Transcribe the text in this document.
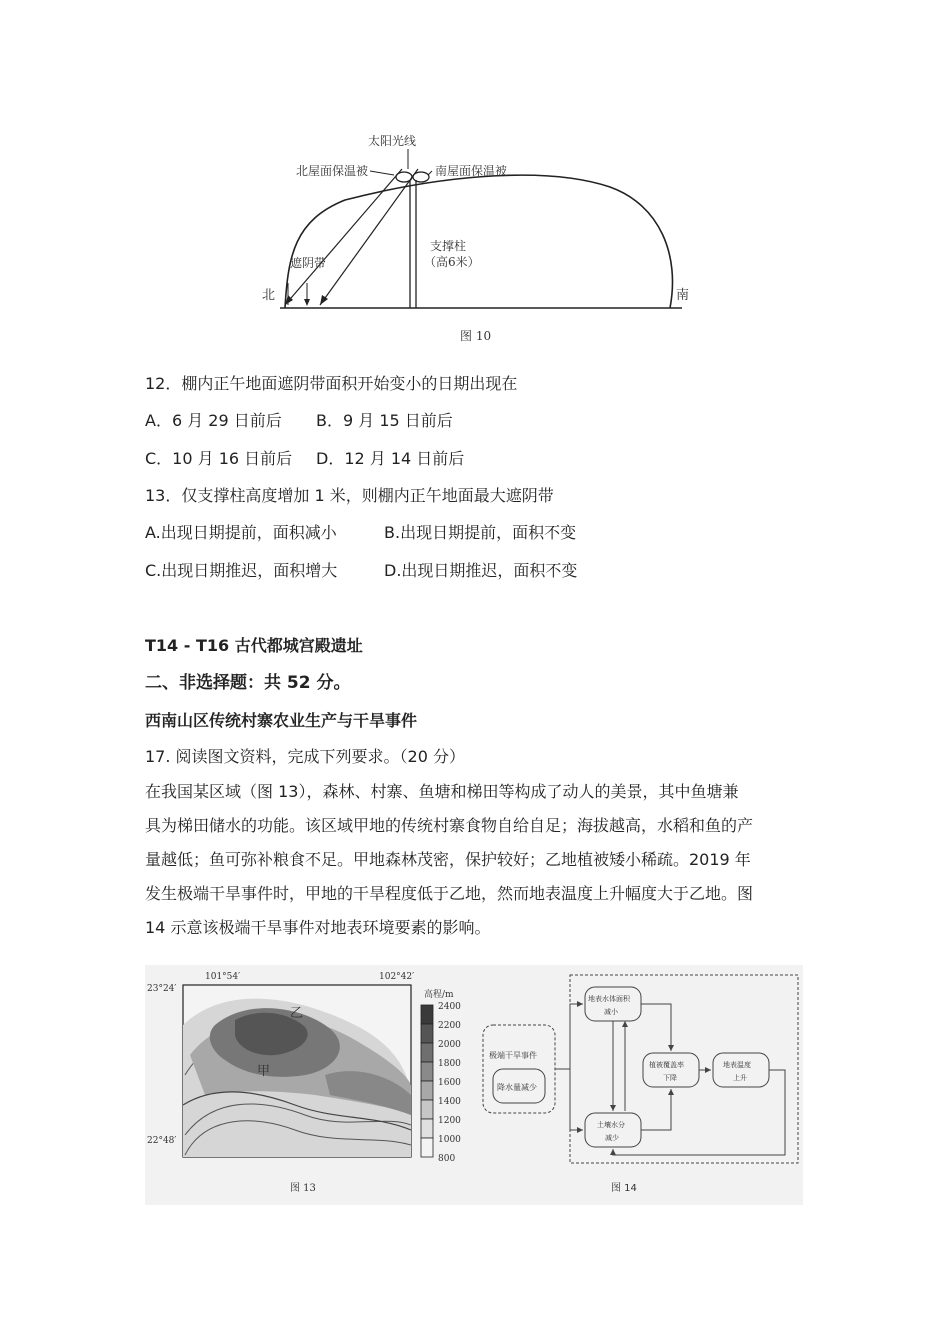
太阳光线
北屋面保温被	南屋面保温被
支撑柱
（高6米）
遮阴带
北	南
图 10
12．棚内正午地面遮阴带面积开始变小的日期出现在
A．6 月 29 日前后 B．9 月 15 日前后
C．10 月 16 日前后 D．12 月 14 日前后
13．仅支撑柱高度增加 1 米，则棚内正午地面最大遮阴带
A.出现日期提前，面积减小	B.出现日期提前，面积不变
C.出现日期推迟，面积增大	D.出现日期推迟，面积不变
T14 - T16 古代都城宫殿遗址
二、非选择题：共 52 分。
西南山区传统村寨农业生产与干旱事件
17. 阅读图文资料，完成下列要求。（20 分）
在我国某区域（图 13），森林、村寨、鱼塘和梯田等构成了动人的美景，其中鱼塘兼
具为梯田储水的功能。该区域甲地的传统村寨食物自给自足；海拔越高，水稻和鱼的产
量越低；鱼可弥补粮食不足。甲地森林茂密，保护较好；乙地植被矮小稀疏。2019 年
发生极端干旱事件时，甲地的干旱程度低于乙地，然而地表温度上升幅度大于乙地。图
14 示意该极端干旱事件对地表环境要素的影响。
101°54′	102°42′
23°24′
22°48′
乙
甲
高程/m
2400
2200
2000
1800
1600
1400
1200
1000
800
图 13
极端干旱事件
降水量减少
地表水体面积
减小
植被覆盖率
下降
地表温度
上升
土壤水分
减少
图 14
